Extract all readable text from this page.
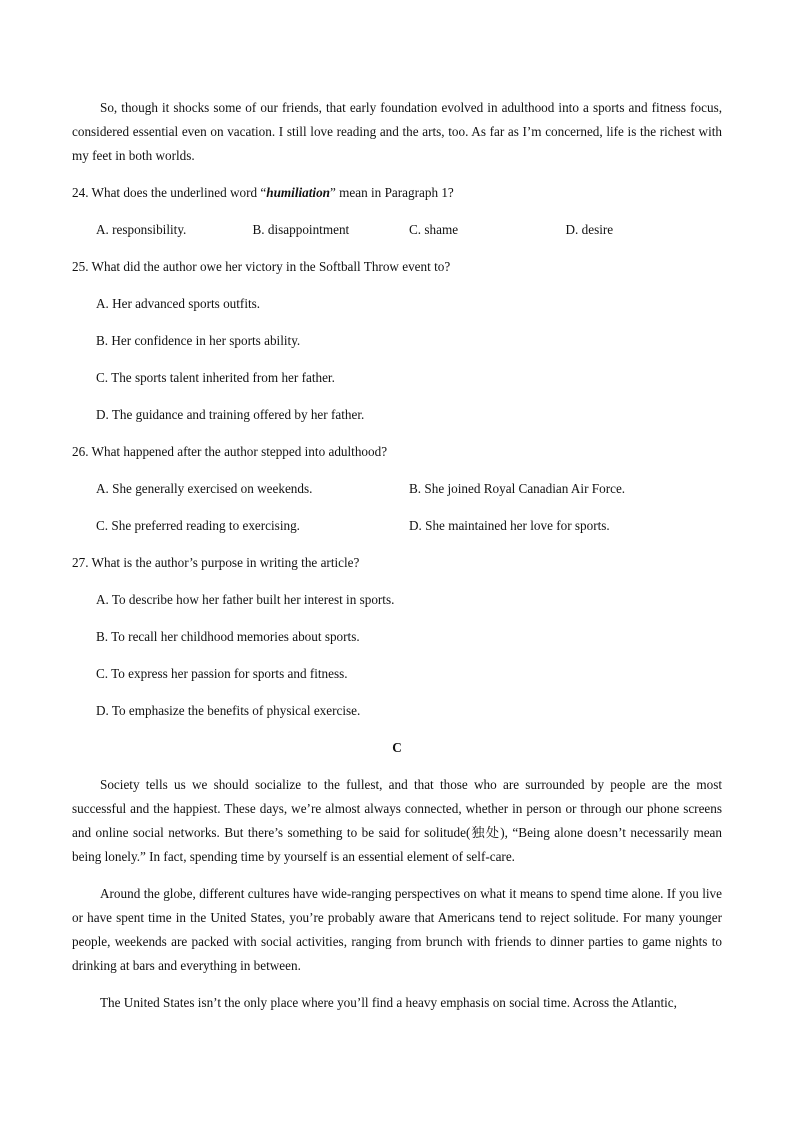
So, though it shocks some of our friends, that early foundation evolved in adulthood into a sports and fitness focus, considered essential even on vacation. I still love reading and the arts, too. As far as I’m concerned, life is the richest with my feet in both worlds.

24. What does the underlined word “humiliation” mean in Paragraph 1?

A. responsibility.	B. disappointment	C. shame	D. desire

25. What did the author owe her victory in the Softball Throw event to?

A. Her advanced sports outfits.

B. Her confidence in her sports ability.

C. The sports talent inherited from her father.

D. The guidance and training offered by her father.

26. What happened after the author stepped into adulthood?

A. She generally exercised on weekends.	B. She joined Royal Canadian Air Force.
C. She preferred reading to exercising.	D. She maintained her love for sports.

27. What is the author’s purpose in writing the article?

A. To describe how her father built her interest in sports.

B. To recall her childhood memories about sports.

C. To express her passion for sports and fitness.

D. To emphasize the benefits of physical exercise.

C

Society tells us we should socialize to the fullest, and that those who are surrounded by people are the most successful and the happiest. These days, we’re almost always connected, whether in person or through our phone screens and online social networks. But there’s something to be said for solitude(独处), “Being alone doesn’t necessarily mean being lonely.” In fact, spending time by yourself is an essential element of self-care.

Around the globe, different cultures have wide-ranging perspectives on what it means to spend time alone. If you live or have spent time in the United States, you’re probably aware that Americans tend to reject solitude. For many younger people, weekends are packed with social activities, ranging from brunch with friends to dinner parties to game nights to drinking at bars and everything in between.

The United States isn’t the only place where you’ll find a heavy emphasis on social time. Across the Atlantic,
